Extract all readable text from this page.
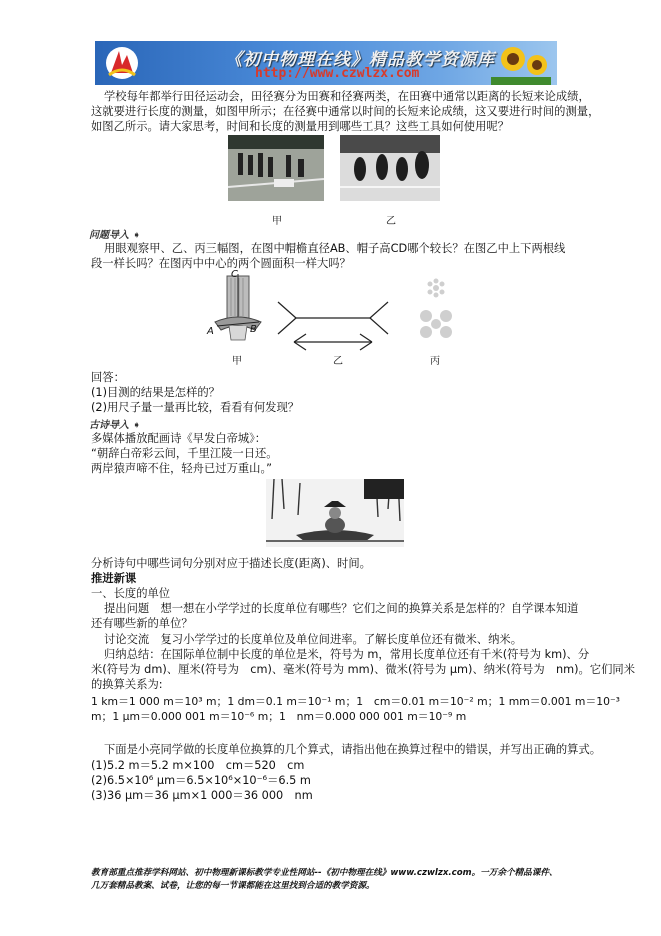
《初中物理在线》精品教学资源库
http://www.czwlzx.com
学校每年都举行田径运动会，田径赛分为田赛和径赛两类，在田赛中通常以距离的长短来论成绩，
这就要进行长度的测量，如图甲所示；在径赛中通常以时间的长短来论成绩，这又要进行时间的测量，
如图乙所示。请大家思考，时间和长度的测量用到哪些工具？这些工具如何使用呢？
甲	乙
问题导入 ➧
用眼观察甲、乙、丙三幅图，在图中帽檐直径AB、帽子高CD哪个较长？在图乙中上下两根线
段一样长吗？在图丙中中心的两个圆面积一样大吗？
C
A	B
甲	乙	丙
回答：
(1)目测的结果是怎样的？
(2)用尺子量一量再比较，看看有何发现？
古诗导入 ➧
多媒体播放配画诗《早发白帝城》：
“朝辞白帝彩云间，千里江陵一日还。
两岸猿声啼不住，轻舟已过万重山。”
分析诗句中哪些词句分别对应于描述长度(距离)、时间。
推进新课
一、长度的单位
提出问题　想一想在小学学过的长度单位有哪些？它们之间的换算关系是怎样的？自学课本知道
还有哪些新的单位？
讨论交流　复习小学学过的长度单位及单位间进率。了解长度单位还有微米、纳米。
归纳总结：在国际单位制中长度的单位是米，符号为 m，常用长度单位还有千米(符号为 km)、分
米(符号为 dm)、厘米(符号为　cm)、毫米(符号为 mm)、微米(符号为 μm)、纳米(符号为　nm)。它们同米
的换算关系为:
1 km＝1 000 m＝10³ m；1 dm＝0.1 m＝10⁻¹ m；1　cm＝0.01 m＝10⁻² m；1 mm＝0.001 m＝10⁻³
m；1 μm＝0.000 001 m＝10⁻⁶ m；1　nm＝0.000 000 001 m＝10⁻⁹ m
下面是小亮同学做的长度单位换算的几个算式，请指出他在换算过程中的错误，并写出正确的算式。
(1)5.2 m＝5.2 m×100　cm＝520　cm
(2)6.5×10⁶ μm＝6.5×10⁶×10⁻⁶＝6.5 m
(3)36 μm＝36 μm×1 000＝36 000　nm
教育部重点推荐学科网站、初中物理新课标教学专业性网站--《初中物理在线》www.czwlzx.com。一万余个精品课件、
几万套精品教案、试卷，让您的每一节课都能在这里找到合适的教学资源。
